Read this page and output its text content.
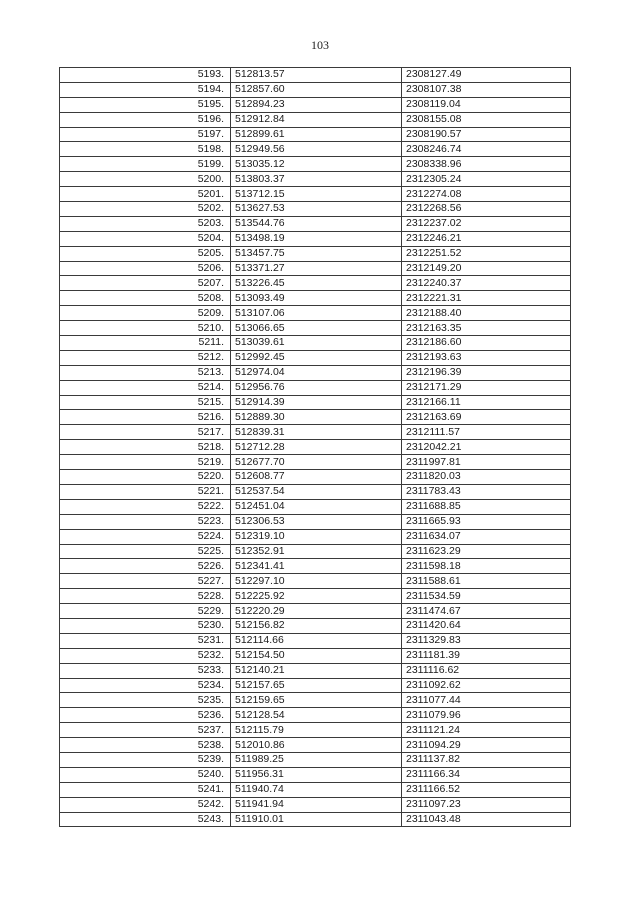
103
5193.	512813.57	2308127.49
5194.	512857.60	2308107.38
5195.	512894.23	2308119.04
5196.	512912.84	2308155.08
5197.	512899.61	2308190.57
5198.	512949.56	2308246.74
5199.	513035.12	2308338.96
5200.	513803.37	2312305.24
5201.	513712.15	2312274.08
5202.	513627.53	2312268.56
5203.	513544.76	2312237.02
5204.	513498.19	2312246.21
5205.	513457.75	2312251.52
5206.	513371.27	2312149.20
5207.	513226.45	2312240.37
5208.	513093.49	2312221.31
5209.	513107.06	2312188.40
5210.	513066.65	2312163.35
5211.	513039.61	2312186.60
5212.	512992.45	2312193.63
5213.	512974.04	2312196.39
5214.	512956.76	2312171.29
5215.	512914.39	2312166.11
5216.	512889.30	2312163.69
5217.	512839.31	2312111.57
5218.	512712.28	2312042.21
5219.	512677.70	2311997.81
5220.	512608.77	2311820.03
5221.	512537.54	2311783.43
5222.	512451.04	2311688.85
5223.	512306.53	2311665.93
5224.	512319.10	2311634.07
5225.	512352.91	2311623.29
5226.	512341.41	2311598.18
5227.	512297.10	2311588.61
5228.	512225.92	2311534.59
5229.	512220.29	2311474.67
5230.	512156.82	2311420.64
5231.	512114.66	2311329.83
5232.	512154.50	2311181.39
5233.	512140.21	2311116.62
5234.	512157.65	2311092.62
5235.	512159.65	2311077.44
5236.	512128.54	2311079.96
5237.	512115.79	2311121.24
5238.	512010.86	2311094.29
5239.	511989.25	2311137.82
5240.	511956.31	2311166.34
5241.	511940.74	2311166.52
5242.	511941.94	2311097.23
5243.	511910.01	2311043.48
